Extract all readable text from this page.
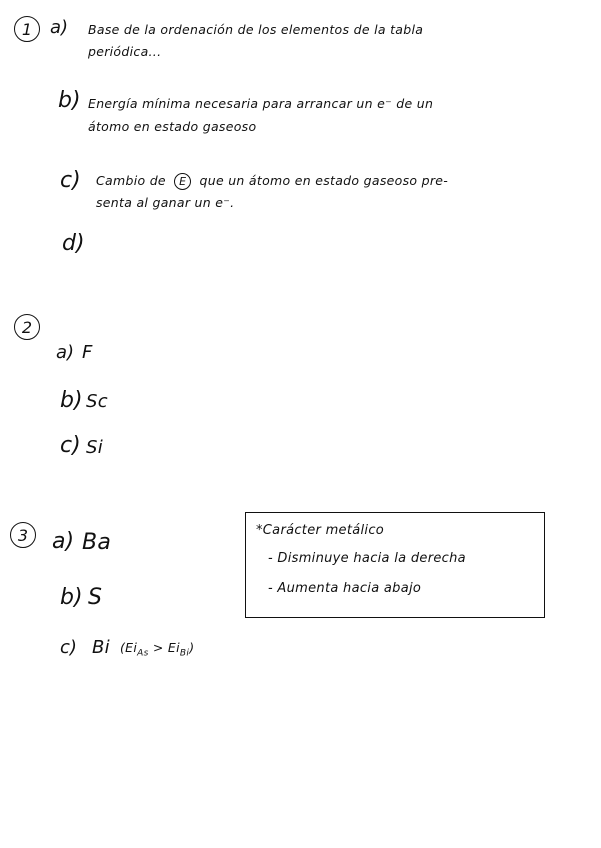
1 a) Base de la ordenación de los elementos de la tabla
periódica...
b) Energía mínima necesaria para arrancar un e⁻ de un
átomo en estado gaseoso
c) Cambio de E que un átomo en estado gaseoso pre-
senta al ganar un e⁻.
d)
2
a) F
b) Sc
c) Si
3	a) Ba
b) S
c) Bi $(Ei_{As} > Ei_{Bi})$
*Carácter metálico
- Disminuye hacia la derecha
- Aumenta hacia abajo
